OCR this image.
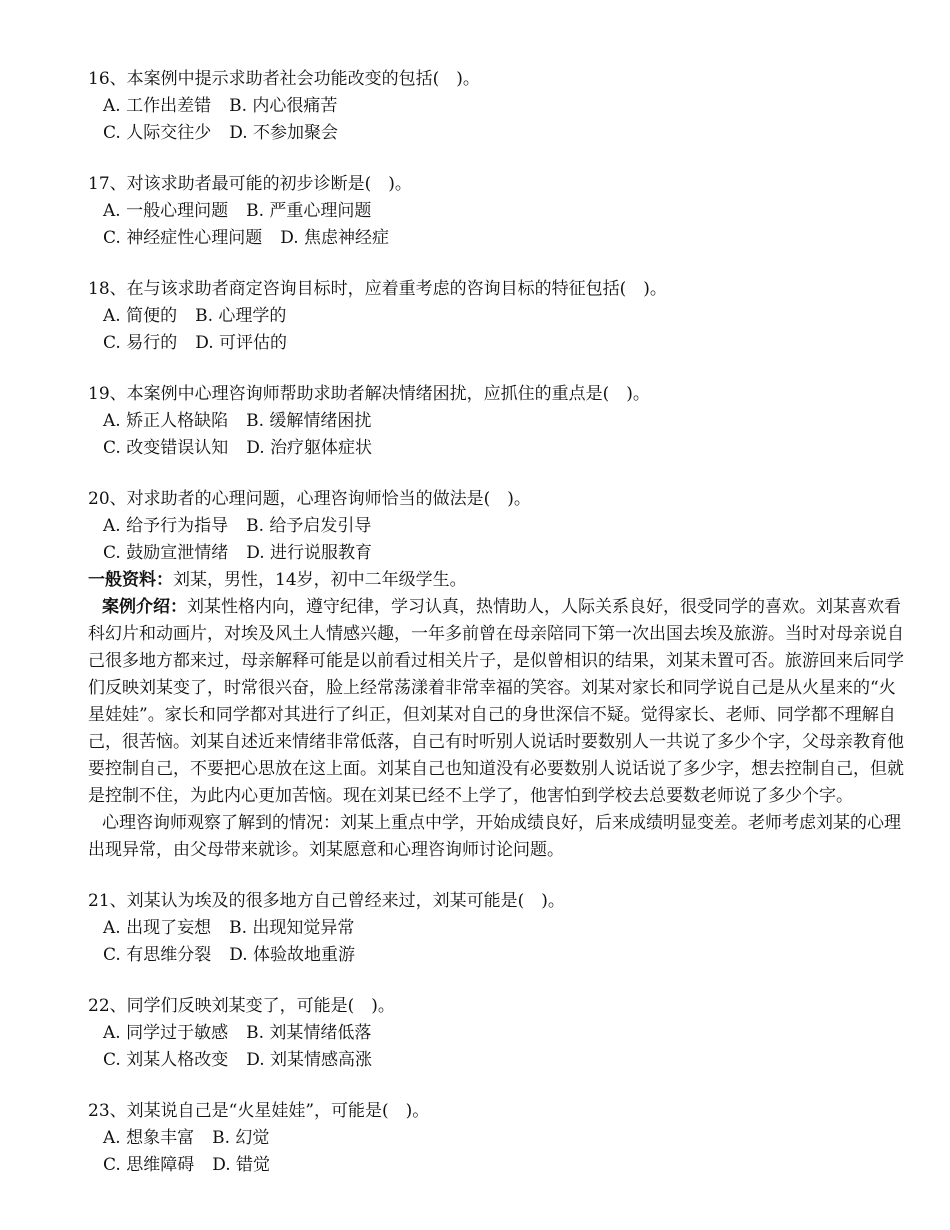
16、本案例中提示求助者社会功能改变的包括(　)。

A. 工作出差错 B. 内心很痛苦
C. 人际交往少 D. 不参加聚会

17、对该求助者最可能的初步诊断是(　)。

A. 一般心理问题 B. 严重心理问题
C. 神经症性心理问题 D. 焦虑神经症

18、在与该求助者商定咨询目标时，应着重考虑的咨询目标的特征包括(　)。

A. 简便的 B. 心理学的
C. 易行的 D. 可评估的

19、本案例中心理咨询师帮助求助者解决情绪困扰，应抓住的重点是(　)。

A. 矫正人格缺陷 B. 缓解情绪困扰
C. 改变错误认知 D. 治疗躯体症状

20、对求助者的心理问题，心理咨询师恰当的做法是(　)。

A. 给予行为指导 B. 给予启发引导
C. 鼓励宣泄情绪 D. 进行说服教育

一般资料：刘某，男性，14岁，初中二年级学生。

案例介绍：刘某性格内向，遵守纪律，学习认真，热情助人，人际关系良好，很受同学的喜欢。刘某喜欢看科幻片和动画片，对埃及风土人情感兴趣，一年多前曾在母亲陪同下第一次出国去埃及旅游。当时对母亲说自己很多地方都来过，母亲解释可能是以前看过相关片子，是似曾相识的结果，刘某未置可否。旅游回来后同学们反映刘某变了，时常很兴奋，脸上经常荡漾着非常幸福的笑容。刘某对家长和同学说自己是从火星来的“火星娃娃”。家长和同学都对其进行了纠正，但刘某对自己的身世深信不疑。觉得家长、老师、同学都不理解自己，很苦恼。刘某自述近来情绪非常低落，自己有时听别人说话时要数别人一共说了多少个字，父母亲教育他要控制自己，不要把心思放在这上面。刘某自己也知道没有必要数别人说话说了多少字，想去控制自己，但就是控制不住，为此内心更加苦恼。现在刘某已经不上学了，他害怕到学校去总要数老师说了多少个字。

心理咨询师观察了解到的情况：刘某上重点中学，开始成绩良好，后来成绩明显变差。老师考虑刘某的心理出现异常，由父母带来就诊。刘某愿意和心理咨询师讨论问题。

21、刘某认为埃及的很多地方自己曾经来过，刘某可能是(　)。

A. 出现了妄想 B. 出现知觉异常
C. 有思维分裂 D. 体验故地重游

22、同学们反映刘某变了，可能是(　)。

A. 同学过于敏感 B. 刘某情绪低落
C. 刘某人格改变 D. 刘某情感高涨

23、刘某说自己是“火星娃娃”，可能是(　)。

A. 想象丰富 B. 幻觉
C. 思维障碍 D. 错觉
